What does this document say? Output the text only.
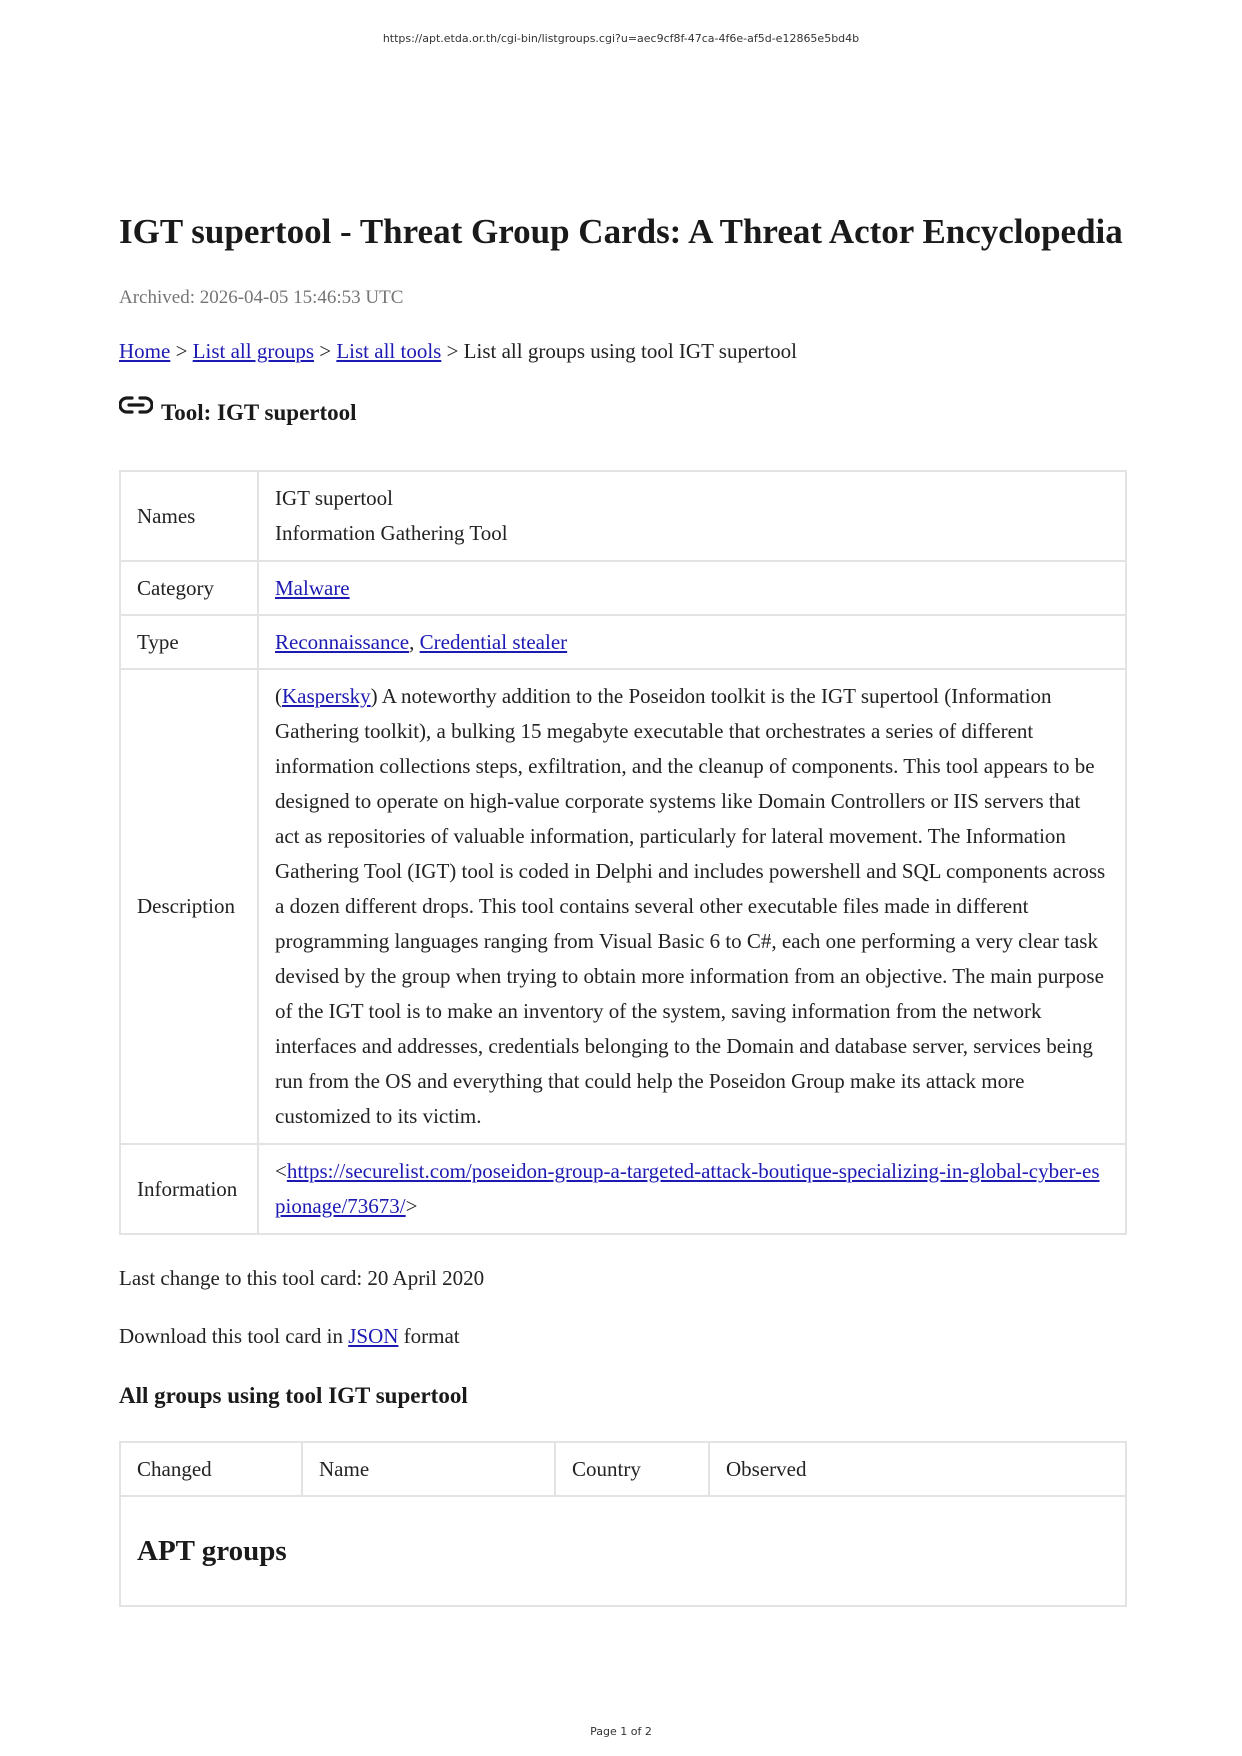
https://apt.etda.or.th/cgi-bin/listgroups.cgi?u=aec9cf8f-47ca-4f6e-af5d-e12865e5bd4b
IGT supertool - Threat Group Cards: A Threat Actor Encyclopedia
Archived: 2026-04-05 15:46:53 UTC
Home > List all groups > List all tools > List all groups using tool IGT supertool
Tool: IGT supertool
Names	IGT supertool
Information Gathering Tool

Category	Malware
Type	Reconnaissance, Credential stealer
Description	(Kaspersky) A noteworthy addition to the Poseidon toolkit is the IGT supertool (Information Gathering toolkit), a bulking 15 megabyte executable that orchestrates a series of different information collections steps, exfiltration, and the cleanup of components. This tool appears to be designed to operate on high-value corporate systems like Domain Controllers or IIS servers that act as repositories of valuable information, particularly for lateral movement. The Information Gathering Tool (IGT) tool is coded in Delphi and includes powershell and SQL components across a dozen different drops. This tool contains several other executable files made in different programming languages ranging from Visual Basic 6 to C#, each one performing a very clear task devised by the group when trying to obtain more information from an objective. The main purpose of the IGT tool is to make an inventory of the system, saving information from the network interfaces and addresses, credentials belonging to the Domain and database server, services being run from the OS and everything that could help the Poseidon Group make its attack more customized to its victim.
Information	<https://securelist.com/poseidon-group-a-targeted-attack-boutique-specializing-in-global-cyber-espionage/73673/>
Last change to this tool card: 20 April 2020
Download this tool card in JSON format
All groups using tool IGT supertool
Changed	Name	Country	Observed
APT groups
Page 1 of 2
